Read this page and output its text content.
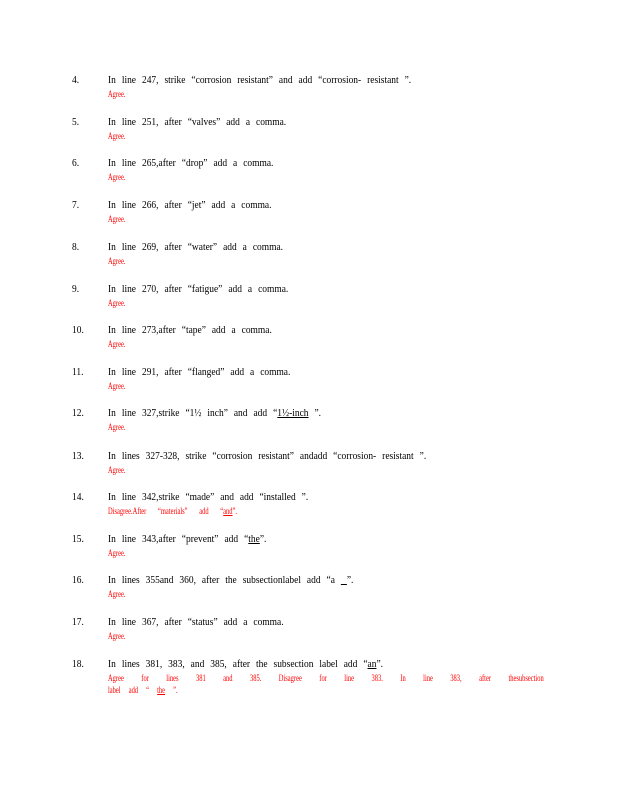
4.	In line 247, strike “corrosion resistant” and add “corrosion- resistant ”.
Agree.
5.	In line 251, after “valves” add a comma.
Agree.
6.	In line 265,after “drop” add a comma.
Agree.
7.	In line 266, after “jet” add a comma.
Agree.
8.	In line 269, after “water” add a comma.
Agree.
9.	In line 270, after “fatigue” add a comma.
Agree.
10. In line 273,after “tape” add a comma.
Agree.
11. In line 291, after “flanged” add a comma.
Agree.
12. In line 327,strike “1½ inch” and add “1½-inch ”.
Agree.
13. In lines 327-328, strike “corrosion resistant” andadd “corrosion- resistant ”.
Agree.
14. In line 342,strike “made” and add “installed ”.
Disagree.After “materials” add “and”.
15. In line 343,after “prevent” add “the”.
Agree.
16. In lines 355and 360, after the subsectionlabel add “a  ”.
Agree.
17. In line 367, after “status” add a comma.
Agree.
18. In lines 381, 383, and 385, after the subsection label add “an”.
Agree for lines 381 and 385. Disagree for line 383. In line 383, after thesubsection
label add “ the ”.
